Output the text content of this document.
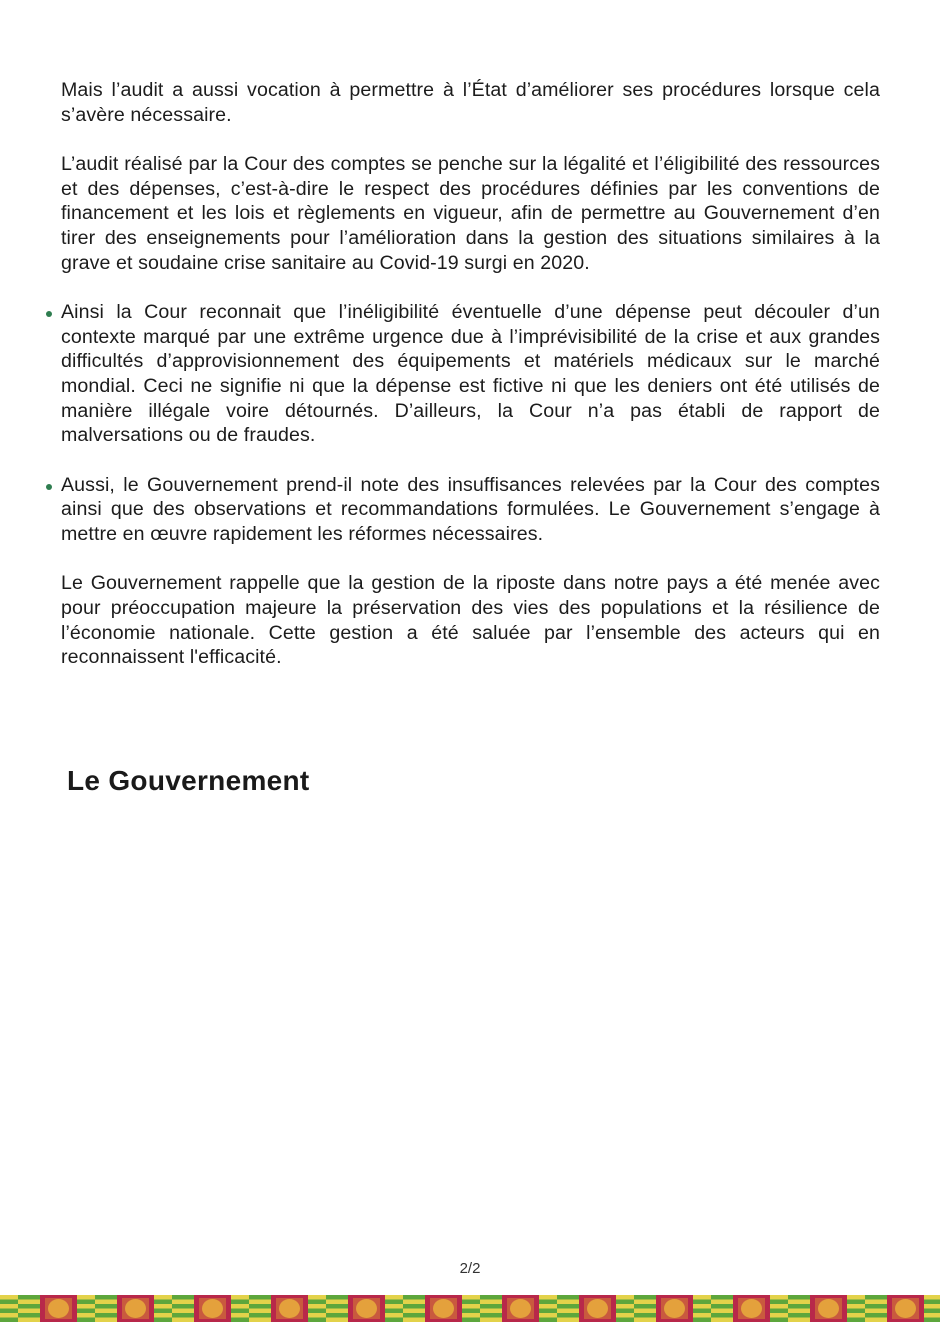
Mais l’audit a aussi vocation à permettre à l’État d’améliorer ses procédures lorsque cela s’avère nécessaire.

L’audit réalisé par la Cour des comptes se penche sur la légalité et l’éligibilité des ressources et des dépenses, c’est-à-dire le respect des procédures définies par les conventions de financement et les lois et règlements en vigueur, afin de permettre au Gouvernement d’en tirer des enseignements pour l’amélioration dans la gestion des situations similaires à la grave et soudaine crise sanitaire au Covid-19 surgi en 2020.

Ainsi la Cour reconnait que l’inéligibilité éventuelle d’une dépense peut découler d’un contexte marqué par une extrême urgence due à l’imprévisibilité de la crise et aux grandes difficultés d’approvisionnement des équipements et matériels médicaux sur le marché mondial. Ceci ne signifie ni que la dépense est fictive ni que les deniers ont été utilisés de manière illégale voire détournés. D’ailleurs, la Cour n’a pas établi de rapport de malversations ou de fraudes.
Aussi, le Gouvernement prend-il note des insuffisances relevées par la Cour des comptes ainsi que des observations et recommandations formulées. Le Gouvernement s’engage à mettre en œuvre rapidement les réformes nécessaires.

Le Gouvernement rappelle que la gestion de la riposte dans notre pays a été menée avec pour préoccupation majeure la préservation des vies des populations et la résilience de l’économie nationale. Cette gestion a été saluée par l’ensemble des acteurs qui en reconnaissent l'efficacité.

Le Gouvernement
2/2
